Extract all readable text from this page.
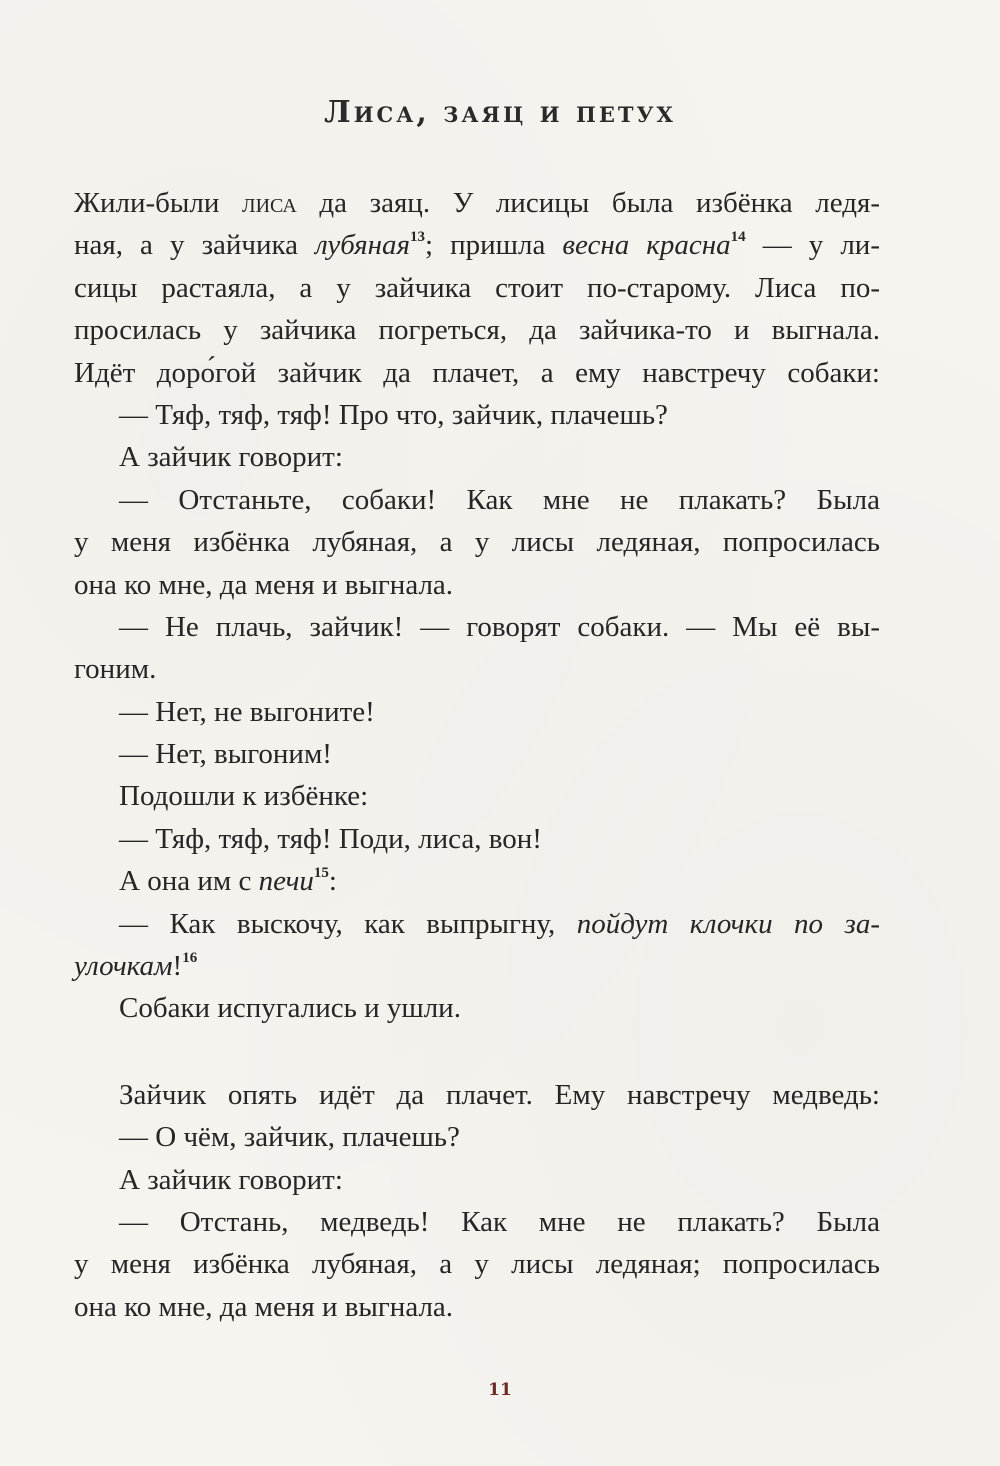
Лиса, заяц и петух
Жили-были лиса да заяц. У лисицы была избёнка ледя-
ная, а у зайчика лубяная$^{13}$; пришла весна красна$^{14}$ — у ли-
сицы растаяла, а у зайчика стоит по-старому. Лиса по-
просилась у зайчика погреться, да зайчика-то и выгнала.
Идёт доро́гой зайчик да плачет, а ему навстречу собаки:
— Тяф, тяф, тяф! Про что, зайчик, плачешь?
А зайчик говорит:
— Отстаньте, собаки! Как мне не плакать? Была
у меня избёнка лубяная, а у лисы ледяная, попросилась
она ко мне, да меня и выгнала.
— Не плачь, зайчик! — говорят собаки. — Мы её вы-
гоним.
— Нет, не выгоните!
— Нет, выгоним!
Подошли к избёнке:
— Тяф, тяф, тяф! Поди, лиса, вон!
А она им с печи$^{15}$:
— Как выскочу, как выпрыгну, пойдут клочки по за-
улочкам!$^{16}$
Собаки испугались и ушли.
Зайчик опять идёт да плачет. Ему навстречу медведь:
— О чём, зайчик, плачешь?
А зайчик говорит:
— Отстань, медведь! Как мне не плакать? Была
у меня избёнка лубяная, а у лисы ледяная; попросилась
она ко мне, да меня и выгнала.
11
